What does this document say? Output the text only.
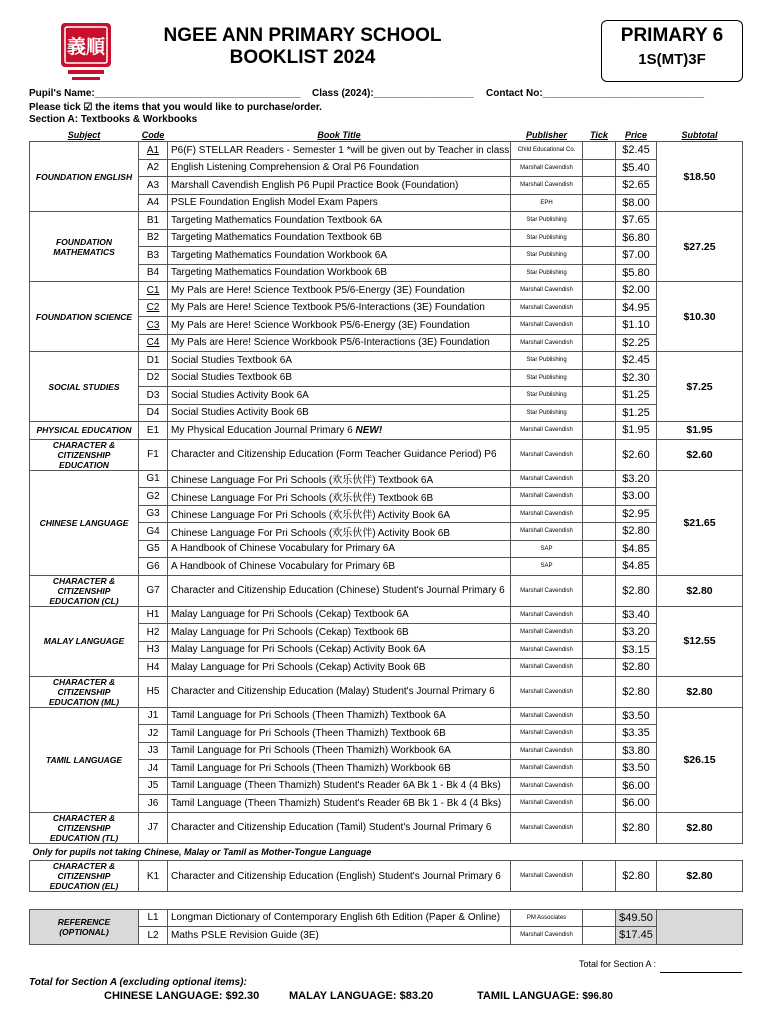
義順
NGEE ANN PRIMARY SCHOOL
BOOKLIST 2024
PRIMARY 6
1S(MT)3F
Pupil's Name:_____________________________________ Class (2024):__________________ Contact No:_____________________________
Please tick ☑ the items that you would like to purchase/order.
Section A: Textbooks & Workbooks
Subject	Code	Book Title	Publisher	Tick	Price	Subtotal
FOUNDATION ENGLISH	A1	P6(F) STELLAR Readers - Semester 1 *will be given out by Teacher in class	Child Educational Co.		$2.45	$18.50
	A2	English Listening Comprehension & Oral P6 Foundation	Marshall Cavendish		$5.40	
	A3	Marshall Cavendish English P6 Pupil Practice Book (Foundation)	Marshall Cavendish		$2.65	
	A4	PSLE Foundation English Model Exam Papers	EPH		$8.00	
FOUNDATION MATHEMATICS	B1	Targeting Mathematics Foundation Textbook 6A	Star Publishing		$7.65	$27.25
	B2	Targeting Mathematics Foundation Textbook 6B	Star Publishing		$6.80	
	B3	Targeting Mathematics Foundation Workbook 6A	Star Publishing		$7.00	
	B4	Targeting Mathematics Foundation Workbook 6B	Star Publishing		$5.80	
FOUNDATION SCIENCE	C1	My Pals are Here! Science Textbook P5/6-Energy (3E) Foundation	Marshall Cavendish		$2.00	$10.30
	C2	My Pals are Here! Science Textbook P5/6-Interactions (3E) Foundation	Marshall Cavendish		$4.95	
	C3	My Pals are Here! Science Workbook P5/6-Energy (3E) Foundation	Marshall Cavendish		$1.10	
	C4	My Pals are Here! Science Workbook P5/6-Interactions (3E) Foundation	Marshall Cavendish		$2.25	
SOCIAL STUDIES	D1	Social Studies Textbook 6A	Star Publishing		$2.45	$7.25
	D2	Social Studies Textbook 6B	Star Publishing		$2.30	
	D3	Social Studies Activity Book 6A	Star Publishing		$1.25	
	D4	Social Studies Activity Book 6B	Star Publishing		$1.25	
PHYSICAL EDUCATION	E1	My Physical Education Journal Primary 6 NEW!	Marshall Cavendish		$1.95	$1.95
CHARACTER & CITIZENSHIP EDUCATION	F1	Character and Citizenship Education (Form Teacher Guidance Period) P6	Marshall Cavendish		$2.60	$2.60
CHINESE LANGUAGE	G1	Chinese Language For Pri Schools (欢乐伙伴) Textbook 6A	Marshall Cavendish		$3.20	$21.65
	G2	Chinese Language For Pri Schools (欢乐伙伴) Textbook 6B	Marshall Cavendish		$3.00	
	G3	Chinese Language For Pri Schools (欢乐伙伴) Activity Book 6A	Marshall Cavendish		$2.95	
	G4	Chinese Language For Pri Schools (欢乐伙伴) Activity Book 6B	Marshall Cavendish		$2.80	
	G5	A Handbook of Chinese Vocabulary for Primary 6A	SAP		$4.85	
	G6	A Handbook of Chinese Vocabulary for Primary 6B	SAP		$4.85	
CHARACTER & CITIZENSHIP EDUCATION (CL)	G7	Character and Citizenship Education (Chinese) Student's Journal Primary 6	Marshall Cavendish		$2.80	$2.80
MALAY LANGUAGE	H1	Malay Language for Pri Schools (Cekap) Textbook 6A	Marshall Cavendish		$3.40	$12.55
	H2	Malay Language for Pri Schools (Cekap) Textbook 6B	Marshall Cavendish		$3.20	
	H3	Malay Language for Pri Schools (Cekap) Activity Book 6A	Marshall Cavendish		$3.15	
	H4	Malay Language for Pri Schools (Cekap) Activity Book 6B	Marshall Cavendish		$2.80	
CHARACTER & CITIZENSHIP EDUCATION (ML)	H5	Character and Citizenship Education (Malay) Student's Journal Primary 6	Marshall Cavendish		$2.80	$2.80
TAMIL LANGUAGE	J1	Tamil Language for Pri Schools (Theen Thamizh) Textbook 6A	Marshall Cavendish		$3.50	$26.15
	J2	Tamil Language for Pri Schools (Theen Thamizh) Textbook 6B	Marshall Cavendish		$3.35	
	J3	Tamil Language for Pri Schools (Theen Thamizh) Workbook 6A	Marshall Cavendish		$3.80	
	J4	Tamil Language for Pri Schools (Theen Thamizh) Workbook 6B	Marshall Cavendish		$3.50	
	J5	Tamil Language (Theen Thamizh) Student's Reader 6A Bk 1 - Bk 4 (4 Bks)	Marshall Cavendish		$6.00	
	J6	Tamil Language (Theen Thamizh) Student's Reader 6B Bk 1 - Bk 4 (4 Bks)	Marshall Cavendish		$6.00	
CHARACTER & CITIZENSHIP EDUCATION (TL)	J7	Character and Citizenship Education (Tamil) Student's Journal Primary 6	Marshall Cavendish		$2.80	$2.80
Only for pupils not taking Chinese, Malay or Tamil as Mother-Tongue Language						
CHARACTER & CITIZENSHIP EDUCATION (EL)	K1	Character and Citizenship Education (English) Student's Journal Primary 6	Marshall Cavendish		$2.80	$2.80

REFERENCE (OPTIONAL)	L1	Longman Dictionary of Contemporary English 6th Edition (Paper & Online)	PM Associates		$49.50	
	L2	Maths PSLE Revision Guide (3E)	Marshall Cavendish		$17.45	
Total for Section A :
Total for Section A (excluding optional items):
CHINESE LANGUAGE: $92.30	MALAY LANGUAGE: $83.20	TAMIL LANGUAGE: $96.80
